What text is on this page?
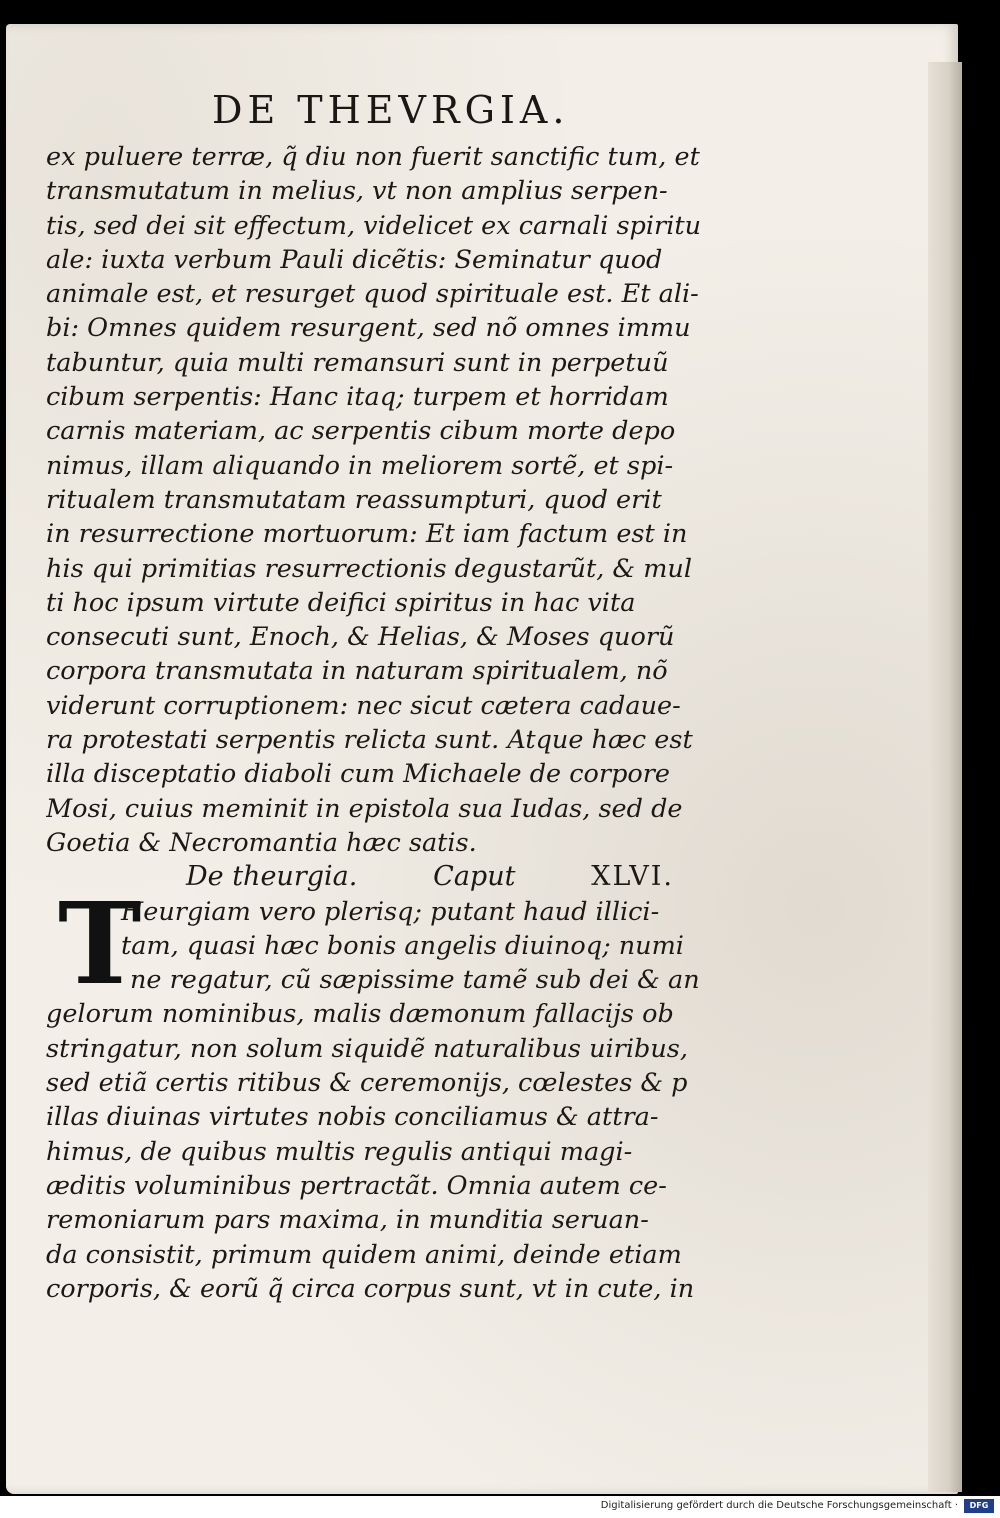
DE THEVRGIA.
ex puluere terræ, q̃ diu non fuerit sanctific tum, et
transmutatum in melius, vt non amplius serpen-
tis, sed dei sit effectum, videlicet ex carnali spiritu
ale: iuxta verbum Pauli dicẽtis: Seminatur quod
animale est, et resurget quod spirituale est. Et ali-
bi: Omnes quidem resurgent, sed nõ omnes immu
tabuntur, quia multi remansuri sunt in perpetuũ
cibum serpentis: Hanc itaq; turpem et horridam
carnis materiam, ac serpentis cibum morte depo
nimus, illam aliquando in meliorem sortẽ, et spi-
ritualem transmutatam reassumpturi, quod erit
in resurrectione mortuorum: Et iam factum est in
his qui primitias resurrectionis degustarũt, & mul
ti hoc ipsum virtute deifici spiritus in hac vita
consecuti sunt, Enoch, & Helias, & Moses quorũ
corpora transmutata in naturam spiritualem, nõ
viderunt corruptionem: nec sicut cætera cadaue-
ra protestati serpentis relicta sunt. Atque hæc est
illa disceptatio diaboli cum Michaele de corpore
Mosi, cuius meminit in epistola sua Iudas, sed de
Goetia & Necromantia hæc satis.
De theurgia.	Caput	XLVI.
T
Heurgiam vero plerisq; putant haud illici-
tam, quasi hæc bonis angelis diuinoq; numi
ne regatur, cũ sæpissime tamẽ sub dei & an
gelorum nominibus, malis dæmonum fallacijs ob
stringatur, non solum siquidẽ naturalibus uiribus,
sed etiã certis ritibus & ceremonijs, cœlestes & p
illas diuinas virtutes nobis conciliamus & attra-
himus, de quibus multis regulis antiqui magi-
æditis voluminibus pertractãt. Omnia autem ce-
remoniarum pars maxima, in munditia seruan-
da consistit, primum quidem animi, deinde etiam
corporis, & eorũ q̃ circa corpus sunt, vt in cute, in
Digitalisierung gefördert durch die Deutsche Forschungsgemeinschaft ·	DFG
